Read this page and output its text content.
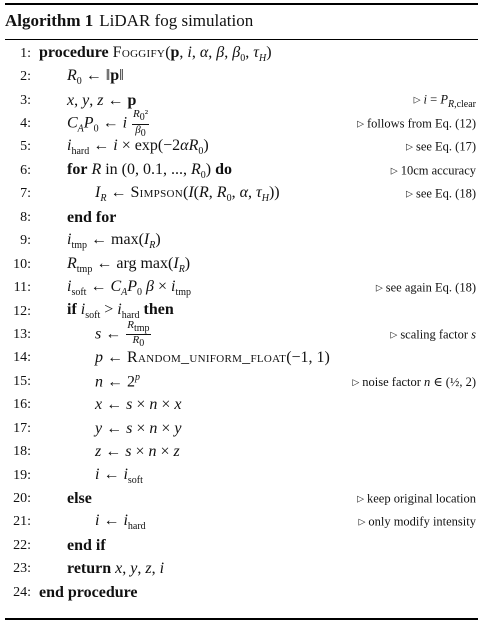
Algorithm 1 LiDAR fog simulation
1: procedure Foggify(p, i, α, β, $\beta_0$, $\tau_H$)
2:	$R_0$ ← ‖p‖
3:	x, y, z ← p	▷ $i = P_{R,clear}$
4:	$C_AP_0$ ← i $\frac{R_0^2}{\beta_0}$	▷ follows from Eq. (12)
5:	$i_{hard}$ ← $i \times \exp(-2\alpha R_0)$	▷ see Eq. (17)
6:	for R in (0, 0.1, ..., $R_0$) do	▷ 10cm accuracy
7:	$I_R$ ← Simpson(I(R, $R_0$, α, $\tau_H$))	▷ see Eq. (18)
8:	end for
9:	$i_{tmp}$ ← $\max(I_R)$
10:	$R_{tmp}$ ← arg $\max(I_R)$
11:	$i_{soft}$ ← $C_AP_0$ $\beta \times i_{tmp}$	▷ see again Eq. (18)
12:	if $i_{soft} > i_{hard}$ then
13:	s ← $\frac{R_{tmp}}{R_0}$	▷ scaling factor s
14:	p ← Random_uniform_float(−1, 1)
15:	n ← 2$^p$	▷ noise factor n ∈ (½, 2)
16:	x ← s × n × x
17:	y ← s × n × y
18:	z ← s × n × z
19:	i ← $i_{soft}$
20:	else	▷ keep original location
21:	i ← $i_{hard}$	▷ only modify intensity
22:	end if
23:	return x, y, z, i
24: end procedure
